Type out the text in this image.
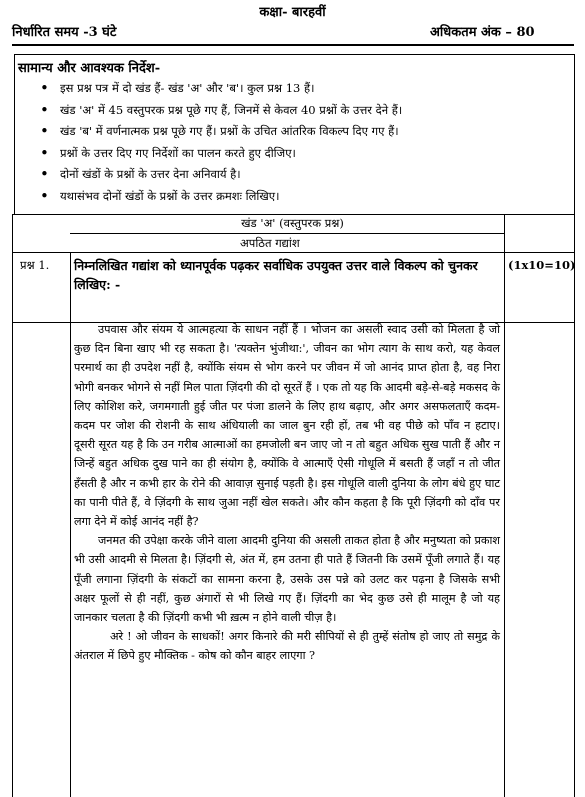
कक्षा- बारहवीं
निर्धारित समय -3 घंटे	अधिकतम अंक – 80
सामान्य और आवश्यक निर्देश-
• इस प्रश्न पत्र में दो खंड हैं- खंड 'अ' और 'ब'। कुल प्रश्न 13 हैं।
• खंड 'अ' में 45 वस्तुपरक प्रश्न पूछे गए हैं, जिनमें से केवल 40 प्रश्नों के उत्तर देने हैं।
• खंड 'ब' में वर्णनात्मक प्रश्न पूछे गए हैं। प्रश्नों के उचित आंतरिक विकल्प दिए गए हैं।
• प्रश्नों के उत्तर दिए गए निर्देशों का पालन करते हुए दीजिए।
• दोनों खंडों के प्रश्नों के उत्तर देना अनिवार्य है।
• यथासंभव दोनों खंडों के प्रश्नों के उत्तर क्रमशः लिखिए।
खंड 'अ' (वस्तुपरक प्रश्न)
अपठित गद्यांश
प्रश्न 1. निम्नलिखित गद्यांश को ध्यानपूर्वक पढ़कर सर्वाधिक उपयुक्त उत्तर वाले विकल्प को चुनकर लिखिए: -
(1x10=10)

उपवास और संयम ये आत्महत्या के साधन नहीं हैं । भोजन का असली स्वाद उसी को मिलता है जो कुछ दिन बिना खाए भी रह सकता है। 'त्यक्तेन भुंजीथा:', जीवन का भोग त्याग के साथ करो, यह केवल परमार्थ का ही उपदेश नहीं है, क्योंकि संयम से भोग करने पर जीवन में जो आनंद प्राप्त होता है, वह निरा भोगी बनकर भोगने से नहीं मिल पाता ज़िंदगी की दो सूरतें हैं । एक तो यह कि आदमी बड़े-से-बड़े मकसद के लिए कोशिश करे, जगमगाती हुई जीत पर पंजा डालने के लिए हाथ बढ़ाए, और अगर असफलताएँ कदम-कदम पर जोश की रोशनी के साथ अंधियाली का जाल बुन रही हों, तब भी वह पीछे को पाँव न हटाए। दूसरी सूरत यह है कि उन गरीब आत्माओं का हमजोली बन जाए जो न तो बहुत अधिक सुख पाती हैं और न जिन्हें बहुत अधिक दुख पाने का ही संयोग है, क्योंकि वे आत्माएँ ऐसी गोधूलि में बसती हैं जहाँ न तो जीत हँसती है और न कभी हार के रोने की आवाज़ सुनाई पड़ती है। इस गोधूलि वाली दुनिया के लोग बंधे हुए घाट का पानी पीते हैं, वे ज़िंदगी के साथ जुआ नहीं खेल सकते। और कौन कहता है कि पूरी ज़िंदगी को दाँव पर लगा देने में कोई आनंद नहीं है?

जनमत की उपेक्षा करके जीने वाला आदमी दुनिया की असली ताकत होता है और मनुष्यता को प्रकाश भी उसी आदमी से मिलता है। ज़िंदगी से, अंत में, हम उतना ही पाते हैं जितनी कि उसमें पूँजी लगाते हैं। यह पूँजी लगाना ज़िंदगी के संकटों का सामना करना है, उसके उस पन्ने को उलट कर पढ़ना है जिसके सभी अक्षर फूलों से ही नहीं, कुछ अंगारों से भी लिखे गए हैं। ज़िंदगी का भेद कुछ उसे ही मालूम है जो यह जानकार चलता है की ज़िंदगी कभी भी ख़त्म न होने वाली चीज़ है।

अरे ! ओ जीवन के साधकों! अगर किनारे की मरी सीपियों से ही तुम्हें संतोष हो जाए तो समुद्र के अंतराल में छिपे हुए मौक्तिक - कोष को कौन बाहर लाएगा ?
